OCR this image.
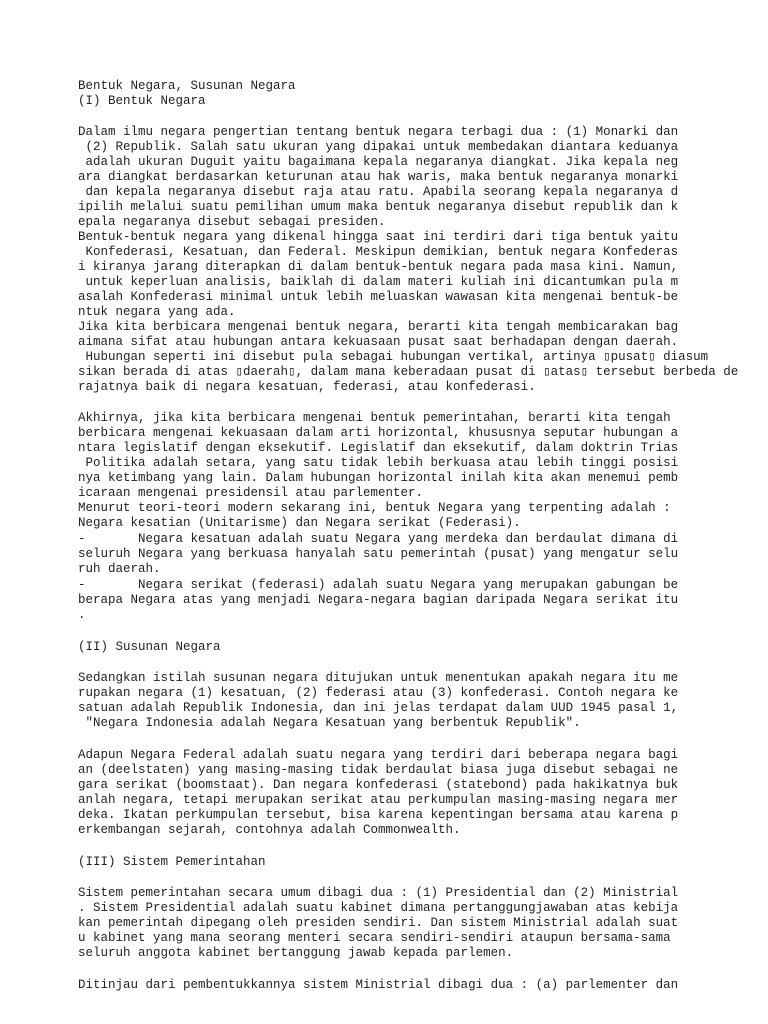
Bentuk Negara, Susunan Negara

(I) Bentuk Negara

Dalam ilmu negara pengertian tentang bentuk negara terbagi dua : (1) Monarki dan

(2) Republik. Salah satu ukuran yang dipakai untuk membedakan diantara keduanya

adalah ukuran Duguit yaitu bagaimana kepala negaranya diangkat. Jika kepala neg

ara diangkat berdasarkan keturunan atau hak waris, maka bentuk negaranya monarki

dan kepala negaranya disebut raja atau ratu. Apabila seorang kepala negaranya d

ipilih melalui suatu pemilihan umum maka bentuk negaranya disebut republik dan k

epala negaranya disebut sebagai presiden.

Bentuk-bentuk negara yang dikenal hingga saat ini terdiri dari tiga bentuk yaitu

Konfederasi, Kesatuan, dan Federal. Meskipun demikian, bentuk negara Konfederas

i kiranya jarang diterapkan di dalam bentuk-bentuk negara pada masa kini. Namun,

untuk keperluan analisis, baiklah di dalam materi kuliah ini dicantumkan pula m

asalah Konfederasi minimal untuk lebih meluaskan wawasan kita mengenai bentuk-be

ntuk negara yang ada.

Jika kita berbicara mengenai bentuk negara, berarti kita tengah membicarakan bag

aimana sifat atau hubungan antara kekuasaan pusat saat berhadapan dengan daerah.

Hubungan seperti ini disebut pula sebagai hubungan vertikal, artinya ▯pusat▯ diasum

sikan berada di atas ▯daerah▯, dalam mana keberadaan pusat di ▯atas▯ tersebut berbeda de

rajatnya baik di negara kesatuan, federasi, atau konfederasi.

Akhirnya, jika kita berbicara mengenai bentuk pemerintahan, berarti kita tengah

berbicara mengenai kekuasaan dalam arti horizontal, khususnya seputar hubungan a

ntara legislatif dengan eksekutif. Legislatif dan eksekutif, dalam doktrin Trias

Politika adalah setara, yang satu tidak lebih berkuasa atau lebih tinggi posisi

nya ketimbang yang lain. Dalam hubungan horizontal inilah kita akan menemui pemb

icaraan mengenai presidensil atau parlementer.

Menurut teori-teori modern sekarang ini, bentuk Negara yang terpenting adalah :

Negara kesatian (Unitarisme) dan Negara serikat (Federasi).

-       Negara kesatuan adalah suatu Negara yang merdeka dan berdaulat dimana di

seluruh Negara yang berkuasa hanyalah satu pemerintah (pusat) yang mengatur selu

ruh daerah.

-       Negara serikat (federasi) adalah suatu Negara yang merupakan gabungan be

berapa Negara atas yang menjadi Negara-negara bagian daripada Negara serikat itu

.

(II) Susunan Negara

Sedangkan istilah susunan negara ditujukan untuk menentukan apakah negara itu me

rupakan negara (1) kesatuan, (2) federasi atau (3) konfederasi. Contoh negara ke

satuan adalah Republik Indonesia, dan ini jelas terdapat dalam UUD 1945 pasal 1,

"Negara Indonesia adalah Negara Kesatuan yang berbentuk Republik".

Adapun Negara Federal adalah suatu negara yang terdiri dari beberapa negara bagi

an (deelstaten) yang masing-masing tidak berdaulat biasa juga disebut sebagai ne

gara serikat (boomstaat). Dan negara konfederasi (statebond) pada hakikatnya buk

anlah negara, tetapi merupakan serikat atau perkumpulan masing-masing negara mer

deka. Ikatan perkumpulan tersebut, bisa karena kepentingan bersama atau karena p

erkembangan sejarah, contohnya adalah Commonwealth.

(III) Sistem Pemerintahan

Sistem pemerintahan secara umum dibagi dua : (1) Presidential dan (2) Ministrial

. Sistem Presidential adalah suatu kabinet dimana pertanggungjawaban atas kebija

kan pemerintah dipegang oleh presiden sendiri. Dan sistem Ministrial adalah suat

u kabinet yang mana seorang menteri secara sendiri-sendiri ataupun bersama-sama

seluruh anggota kabinet bertanggung jawab kepada parlemen.

Ditinjau dari pembentukkannya sistem Ministrial dibagi dua : (a) parlementer dan
